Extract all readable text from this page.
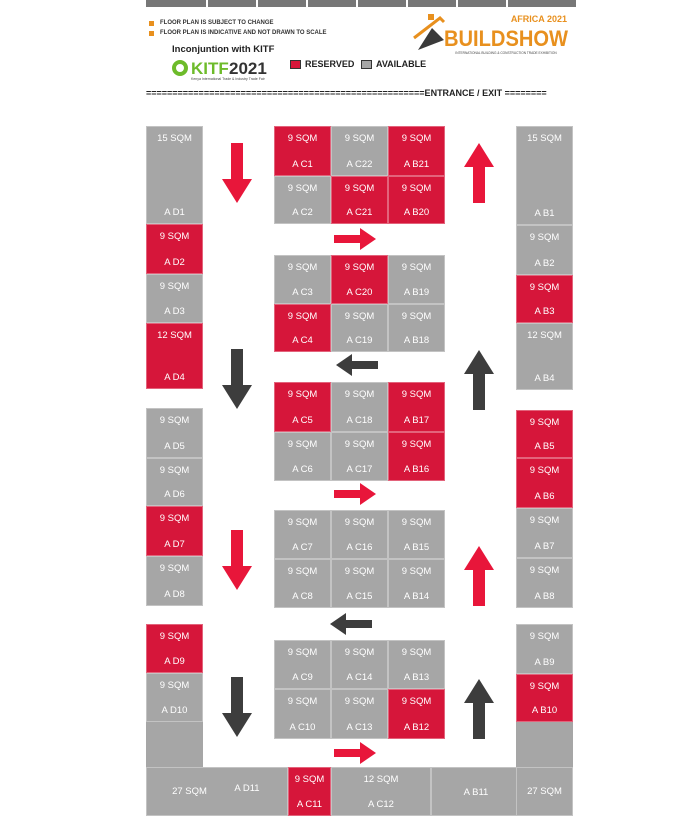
FLOOR PLAN IS SUBJECT TO CHANGE
FLOOR PLAN IS INDICATIVE AND NOT DRAWN TO SCALE
Inconjuntion with KITF
KITF 2021
Kenya International Trade & Industry Trade Fair
RESERVED AVAILABLE
AFRICA 2021
BUILDSHOW
INTERNATIONAL BUILDING & CONSTRUCTION TRADE EXHIBITION
=====================================================ENTRANCE / EXIT ========
15 SQM
A D1
9 SQM
A D2
9 SQM
A D3
12 SQM
A D4
9 SQM
A D5
9 SQM
A D6
9 SQM
A D7
9 SQM
A D8
9 SQM
A D9
9 SQM
A D10
27 SQM	A D11
9 SQM
A C1
9 SQM
A C22
9 SQM
A B21
9 SQM
A C2
9 SQM
A C21
9 SQM
A B20
9 SQM
A C3
9 SQM
A C20
9 SQM
A B19
9 SQM
A C4
9 SQM
A C19
9 SQM
A B18
9 SQM
A C5
9 SQM
A C18
9 SQM
A B17
9 SQM
A C6
9 SQM
A C17
9 SQM
A B16
9 SQM
A C7
9 SQM
A C16
9 SQM
A B15
9 SQM
A C8
9 SQM
A C15
9 SQM
A B14
9 SQM
A C9
9 SQM
A C14
9 SQM
A B13
9 SQM
A C10
9 SQM
A C13
9 SQM
A B12
9 SQM
A C11
12 SQM
A C12
A B11	27 SQM
15 SQM
A B1
9 SQM
A B2
9 SQM
A B3
12 SQM
A B4
9 SQM
A B5
9 SQM
A B6
9 SQM
A B7
9 SQM
A B8
9 SQM
A B9
9 SQM
A B10
